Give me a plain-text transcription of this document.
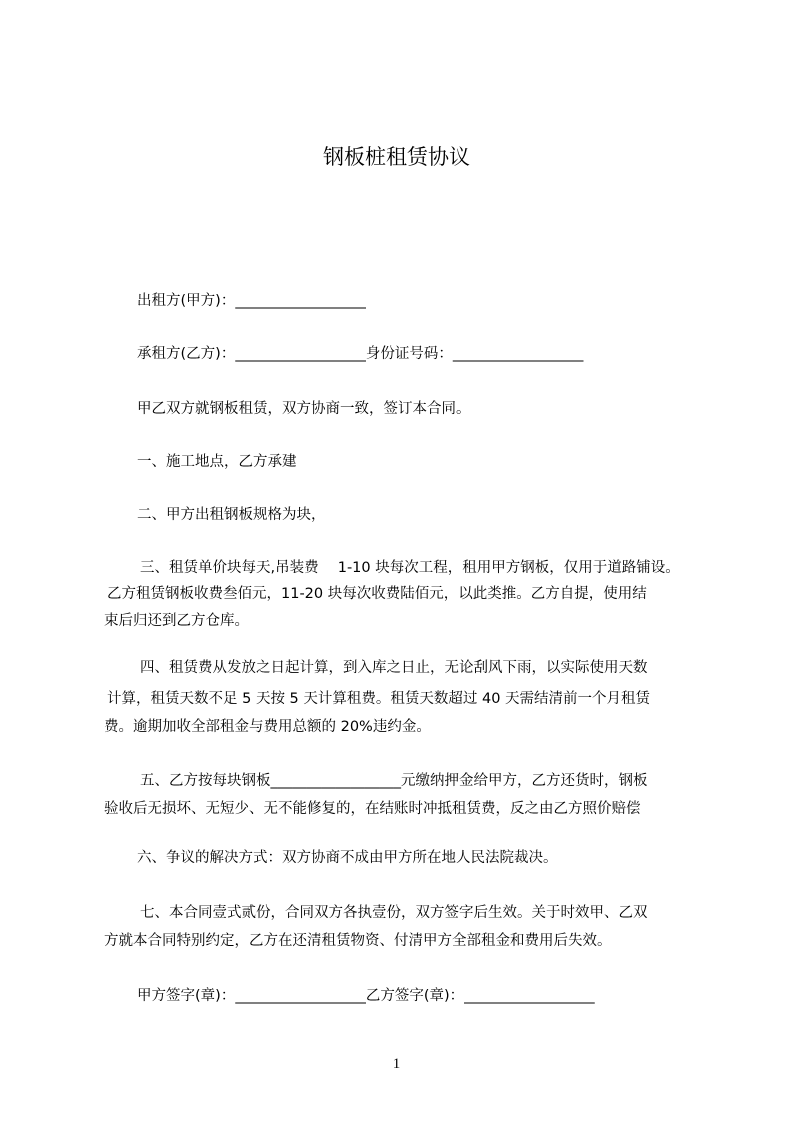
钢板桩租赁协议
出租方(甲方)：__________________
承租方(乙方)：__________________身份证号码：__________________
甲乙双方就钢板租赁，双方协商一致，签订本合同。
一、施工地点，乙方承建
二、甲方出租钢板规格为块，
三、租赁单价块每天,吊装费　 1-10 块每次工程，租用甲方钢板，仅用于道路铺设。
乙方租赁钢板收费叁佰元，11-20 块每次收费陆佰元，以此类推。乙方自提，使用结
束后归还到乙方仓库。
四、租赁费从发放之日起计算，到入库之日止，无论刮风下雨，以实际使用天数
计算，租赁天数不足 5 天按 5 天计算租费。租赁天数超过 40 天需结清前一个月租赁
费。逾期加收全部租金与费用总额的 20%违约金。
五、乙方按每块钢板__________________元缴纳押金给甲方，乙方还货时，钢板
验收后无损坏、无短少、无不能修复的，在结账时冲抵租赁费，反之由乙方照价赔偿
六、争议的解决方式：双方协商不成由甲方所在地人民法院裁决。
七、本合同壹式贰份，合同双方各执壹份，双方签字后生效。关于时效甲、乙双
方就本合同特别约定，乙方在还清租赁物资、付清甲方全部租金和费用后失效。
甲方签字(章)：__________________乙方签字(章)：__________________
1
